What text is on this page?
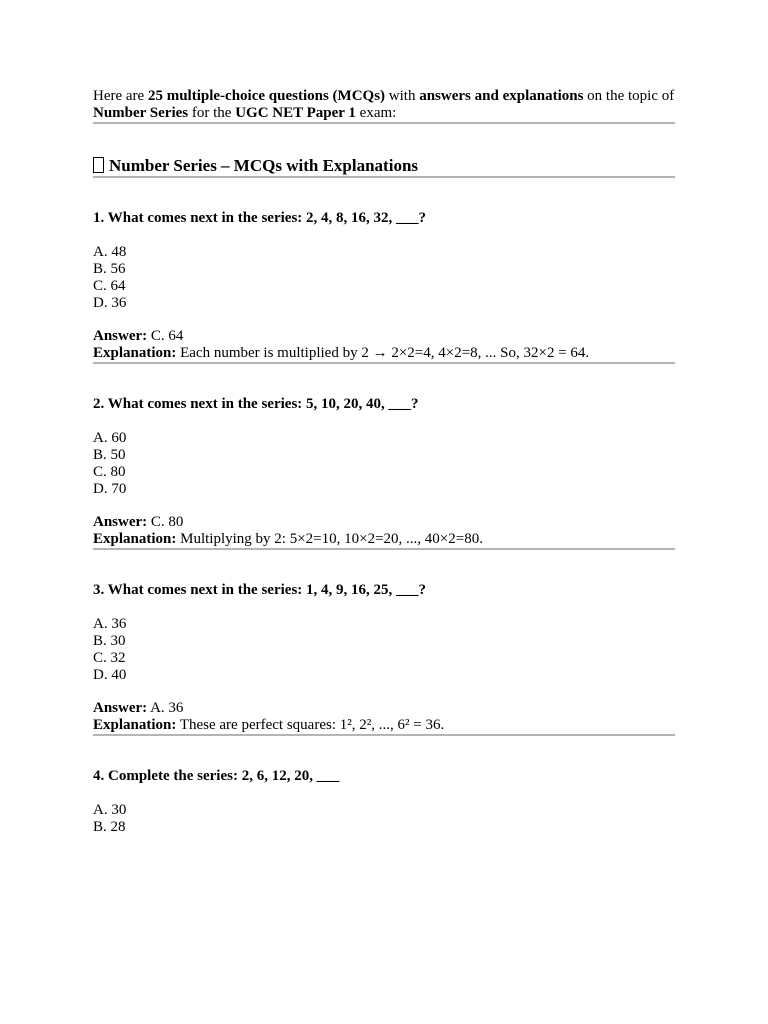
Here are 25 multiple-choice questions (MCQs) with answers and explanations on the topic of Number Series for the UGC NET Paper 1 exam:

Number Series – MCQs with Explanations
1. What comes next in the series: 2, 4, 8, 16, 32, ___?
A. 48
B. 56
C. 64
D. 36
Answer: C. 64
Explanation: Each number is multiplied by 2 → 2×2=4, 4×2=8, ... So, 32×2 = 64.
2. What comes next in the series: 5, 10, 20, 40, ___?
A. 60
B. 50
C. 80
D. 70
Answer: C. 80
Explanation: Multiplying by 2: 5×2=10, 10×2=20, ..., 40×2=80.
3. What comes next in the series: 1, 4, 9, 16, 25, ___?
A. 36
B. 30
C. 32
D. 40
Answer: A. 36
Explanation: These are perfect squares: 1², 2², ..., 6² = 36.
4. Complete the series: 2, 6, 12, 20, ___
A. 30
B. 28
